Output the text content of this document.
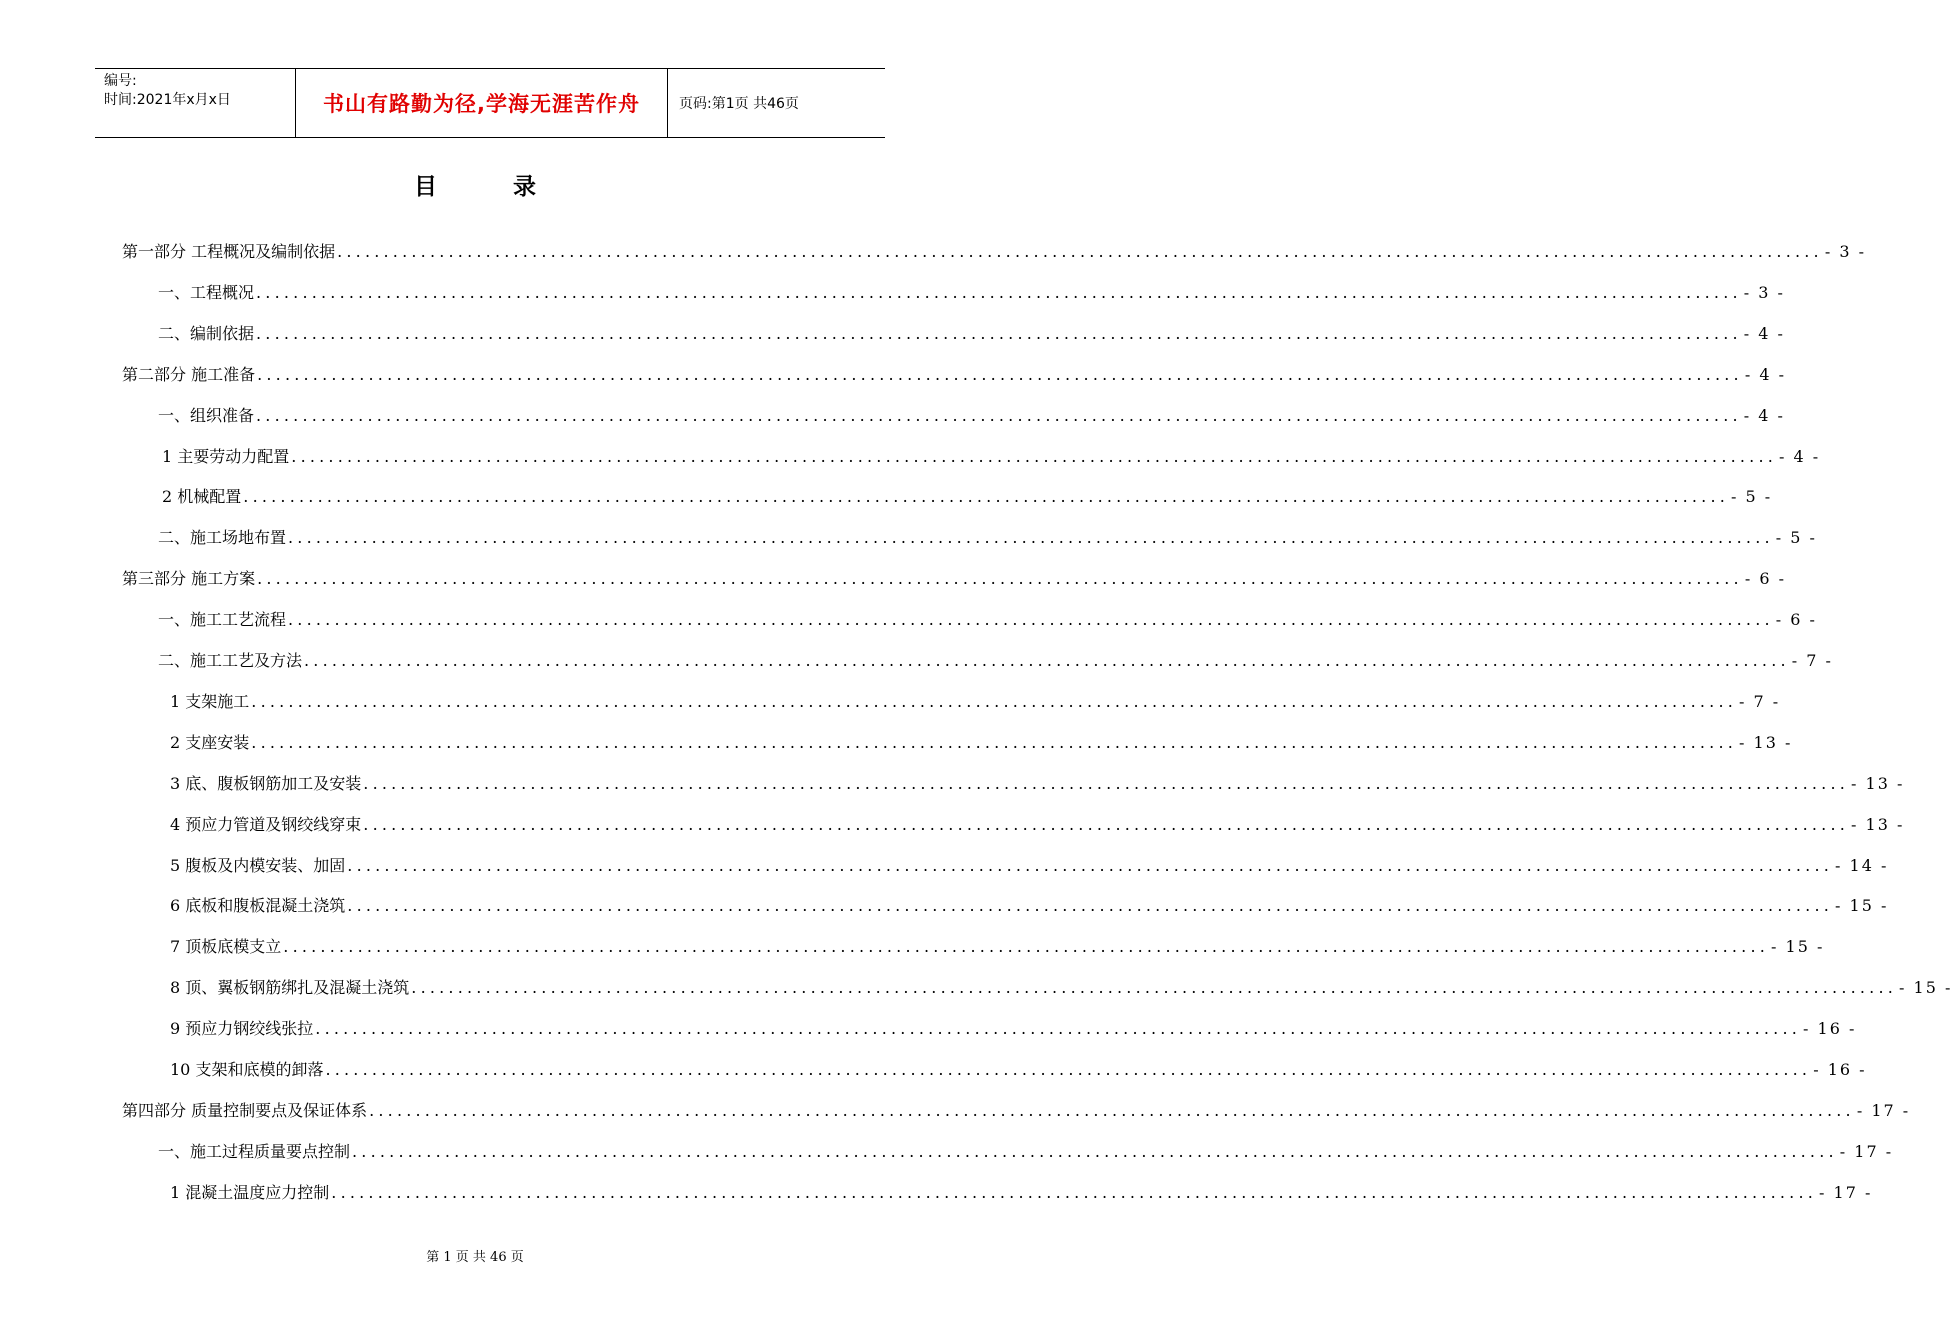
编号:
时间:2021年x月x日	书山有路勤为径,学海无涯苦作舟	页码:第1页 共46页
目	录
第一部分 工程概况及编制依据 ................................................................................................................................................................ - 3 -
一、工程概况 ................................................................................................................................................................ - 3 -
二、编制依据 ................................................................................................................................................................ - 4 -
第二部分 施工准备 ................................................................................................................................................................ - 4 -
一、组织准备 ................................................................................................................................................................ - 4 -
1 主要劳动力配置 ................................................................................................................................................................ - 4 -
2 机械配置 ................................................................................................................................................................ - 5 -
二、施工场地布置 ................................................................................................................................................................ - 5 -
第三部分 施工方案 ................................................................................................................................................................ - 6 -
一、施工工艺流程 ................................................................................................................................................................ - 6 -
二、施工工艺及方法 ................................................................................................................................................................ - 7 -
1 支架施工 ................................................................................................................................................................ - 7 -
2 支座安装 ................................................................................................................................................................ - 13 -
3 底、腹板钢筋加工及安装 ................................................................................................................................................................ - 13 -
4 预应力管道及钢绞线穿束 ................................................................................................................................................................ - 13 -
5 腹板及内模安装、加固 ................................................................................................................................................................ - 14 -
6 底板和腹板混凝土浇筑 ................................................................................................................................................................ - 15 -
7 顶板底模支立 ................................................................................................................................................................ - 15 -
8 顶、翼板钢筋绑扎及混凝土浇筑 ................................................................................................................................................................ - 15 -
9 预应力钢绞线张拉 ................................................................................................................................................................ - 16 -
10 支架和底模的卸落 ................................................................................................................................................................ - 16 -
第四部分 质量控制要点及保证体系 ................................................................................................................................................................ - 17 -
一、施工过程质量要点控制 ................................................................................................................................................................ - 17 -
1 混凝土温度应力控制 ................................................................................................................................................................ - 17 -
第 1 页 共 46 页
